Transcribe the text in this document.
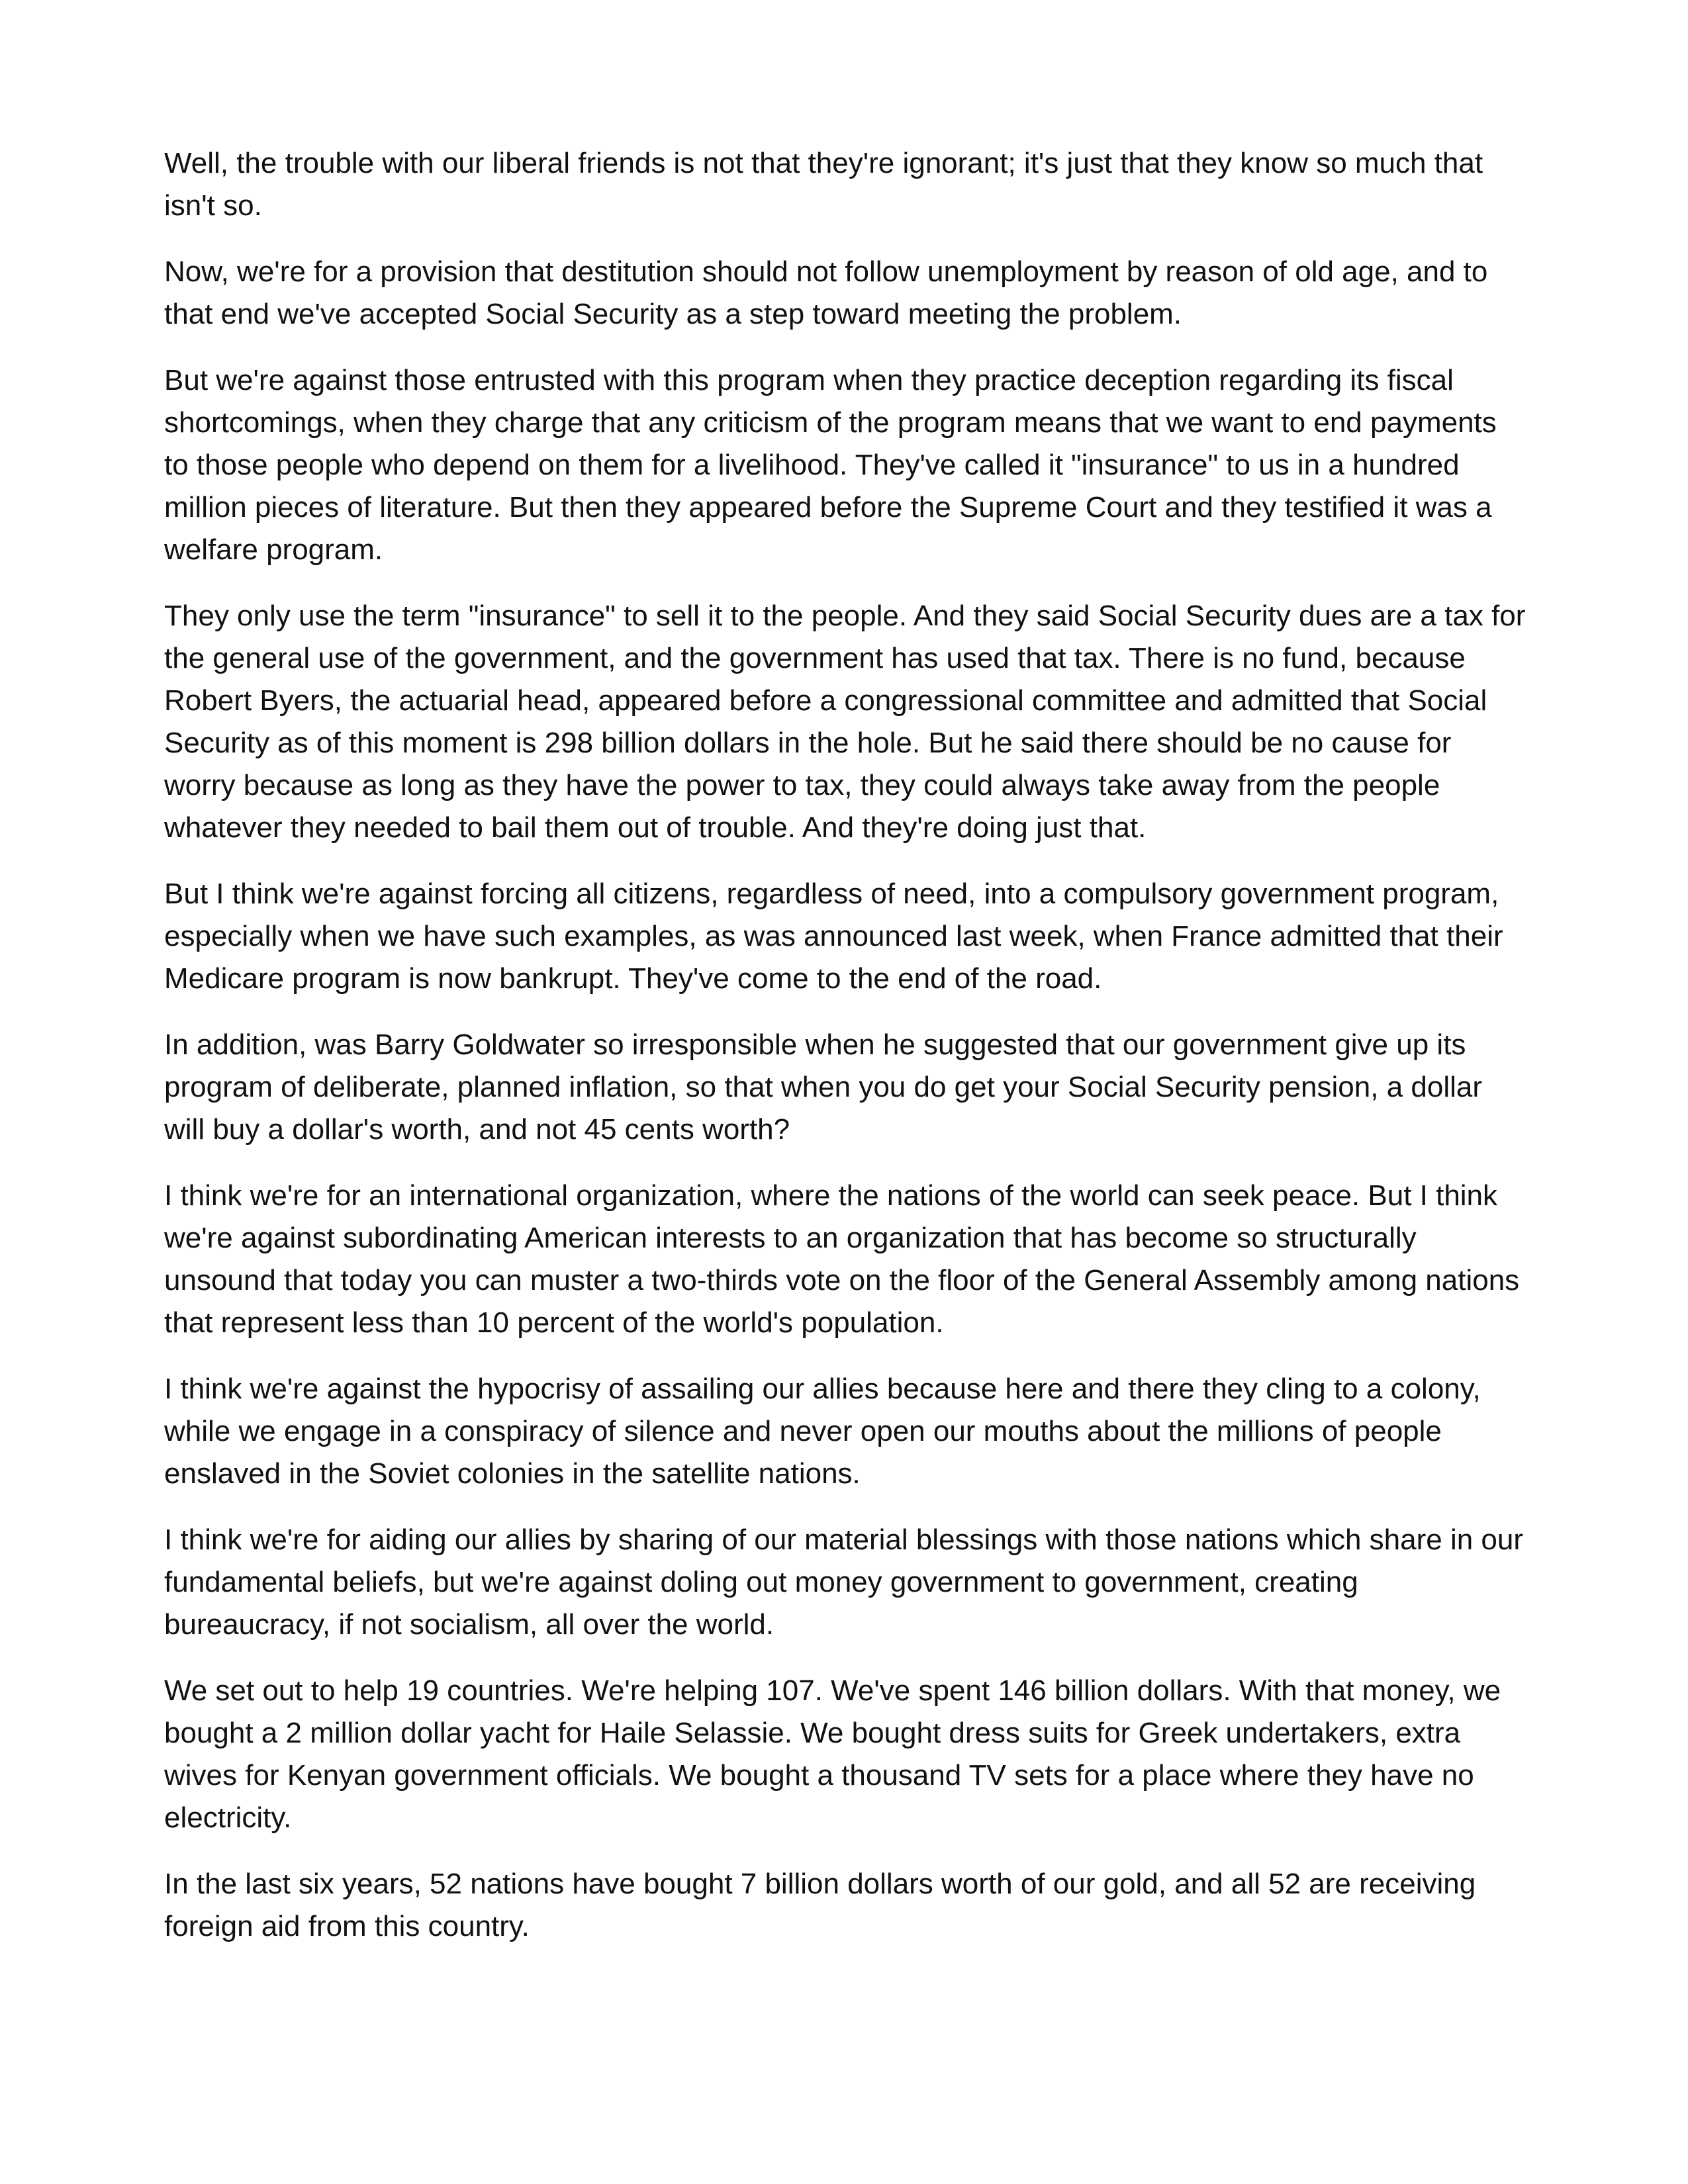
Well, the trouble with our liberal friends is not that they're ignorant; it's just that they know so much that isn't so.

Now, we're for a provision that destitution should not follow unemployment by reason of old age, and to that end we've accepted Social Security as a step toward meeting the problem.

But we're against those entrusted with this program when they practice deception regarding its fiscal shortcomings, when they charge that any criticism of the program means that we want to end payments to those people who depend on them for a livelihood. They've called it "insurance" to us in a hundred million pieces of literature. But then they appeared before the Supreme Court and they testified it was a welfare program.

They only use the term "insurance" to sell it to the people. And they said Social Security dues are a tax for the general use of the government, and the government has used that tax. There is no fund, because Robert Byers, the actuarial head, appeared before a congressional committee and admitted that Social Security as of this moment is 298 billion dollars in the hole. But he said there should be no cause for worry because as long as they have the power to tax, they could always take away from the people whatever they needed to bail them out of trouble. And they're doing just that.

But I think we're against forcing all citizens, regardless of need, into a compulsory government program, especially when we have such examples, as was announced last week, when France admitted that their Medicare program is now bankrupt. They've come to the end of the road.

In addition, was Barry Goldwater so irresponsible when he suggested that our government give up its program of deliberate, planned inflation, so that when you do get your Social Security pension, a dollar will buy a dollar's worth, and not 45 cents worth?

I think we're for an international organization, where the nations of the world can seek peace. But I think we're against subordinating American interests to an organization that has become so structurally unsound that today you can muster a two-thirds vote on the floor of the General Assembly among nations that represent less than 10 percent of the world's population.

I think we're against the hypocrisy of assailing our allies because here and there they cling to a colony, while we engage in a conspiracy of silence and never open our mouths about the millions of people enslaved in the Soviet colonies in the satellite nations.

I think we're for aiding our allies by sharing of our material blessings with those nations which share in our fundamental beliefs, but we're against doling out money government to government, creating bureaucracy, if not socialism, all over the world.

We set out to help 19 countries. We're helping 107. We've spent 146 billion dollars. With that money, we bought a 2 million dollar yacht for Haile Selassie. We bought dress suits for Greek undertakers, extra wives for Kenyan government officials. We bought a thousand TV sets for a place where they have no electricity.

In the last six years, 52 nations have bought 7 billion dollars worth of our gold, and all 52 are receiving foreign aid from this country.
